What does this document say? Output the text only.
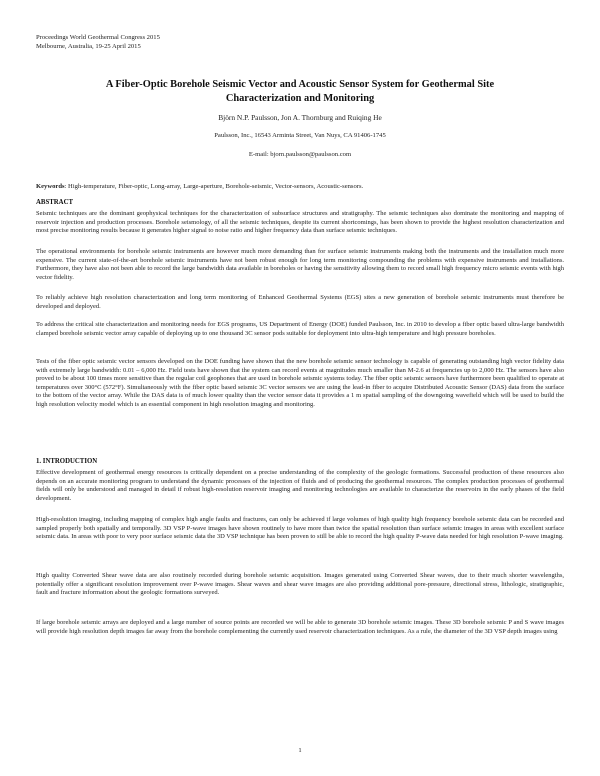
Proceedings World Geothermal Congress 2015
Melbourne, Australia, 19-25 April 2015
A Fiber-Optic Borehole Seismic Vector and Acoustic Sensor System for Geothermal Site
Characterization and Monitoring
Björn N.P. Paulsson, Jon A. Thornburg and Ruiqing He
Paulsson, Inc., 16543 Arminta Street, Van Nuys, CA 91406-1745
E-mail: bjorn.paulsson@paulsson.com
Keywords: High-temperature, Fiber-optic, Long-array, Large-aperture, Borehole-seismic, Vector-sensors, Acoustic-sensors.
ABSTRACT
Seismic techniques are the dominant geophysical techniques for the characterization of subsurface structures and stratigraphy. The seismic techniques also dominate the monitoring and mapping of reservoir injection and production processes. Borehole seismology, of all the seismic techniques, despite its current shortcomings, has been shown to provide the highest resolution characterization and most precise monitoring results because it generates higher signal to noise ratio and higher frequency data than surface seismic techniques.
The operational environments for borehole seismic instruments are however much more demanding than for surface seismic instruments making both the instruments and the installation much more expensive. The current state-of-the-art borehole seismic instruments have not been robust enough for long term monitoring compounding the problems with expensive instruments and installations. Furthermore, they have also not been able to record the large bandwidth data available in boreholes or having the sensitivity allowing them to record small high frequency micro seismic events with high vector fidelity.
To reliably achieve high resolution characterization and long term monitoring of Enhanced Geothermal Systems (EGS) sites a new generation of borehole seismic instruments must therefore be developed and deployed.
To address the critical site characterization and monitoring needs for EGS programs, US Department of Energy (DOE) funded Paulsson, Inc. in 2010 to develop a fiber optic based ultra-large bandwidth clamped borehole seismic vector array capable of deploying up to one thousand 3C sensor pods suitable for deployment into ultra-high temperature and high pressure boreholes.
Tests of the fiber optic seismic vector sensors developed on the DOE funding have shown that the new borehole seismic sensor technology is capable of generating outstanding high vector fidelity data with extremely large bandwidth: 0.01 – 6,000 Hz. Field tests have shown that the system can record events at magnitudes much smaller than M-2.6 at frequencies up to 2,000 Hz. The sensors have also proved to be about 100 times more sensitive than the regular coil geophones that are used in borehole seismic systems today. The fiber optic seismic sensors have furthermore been qualified to operate at temperatures over 300°C (572°F). Simultaneously with the fiber optic based seismic 3C vector sensors we are using the lead-in fiber to acquire Distributed Acoustic Sensor (DAS) data from the surface to the bottom of the vector array. While the DAS data is of much lower quality than the vector sensor data it provides a 1 m spatial sampling of the downgoing wavefield which will be used to build the high resolution velocity model which is an essential component in high resolution imaging and monitoring.
1. INTRODUCTION
Effective development of geothermal energy resources is critically dependent on a precise understanding of the complexity of the geologic formations. Successful production of these resources also depends on an accurate monitoring program to understand the dynamic processes of the injection of fluids and of producing the geothermal resources. The complex production processes of geothermal fields will only be understood and managed in detail if robust high-resolution reservoir imaging and monitoring technologies are available to characterize the reservoirs in the early phases of the field development.
High-resolution imaging, including mapping of complex high angle faults and fractures, can only be achieved if large volumes of high quality high frequency borehole seismic data can be recorded and sampled properly both spatially and temporally. 3D VSP P-wave images have shown routinely to have more than twice the spatial resolution than surface seismic images in areas with excellent surface seismic data. In areas with poor to very poor surface seismic data the 3D VSP technique has been proven to still be able to record the high quality P-wave data needed for high resolution P-wave imaging.
High quality Converted Shear wave data are also routinely recorded during borehole seismic acquisition. Images generated using Converted Shear waves, due to their much shorter wavelengths, potentially offer a significant resolution improvement over P-wave images. Shear waves and shear wave images are also providing additional pore-pressure, directional stress, lithologic, stratigraphic, fault and fracture information about the geologic formations surveyed.
If large borehole seismic arrays are deployed and a large number of source points are recorded we will be able to generate 3D borehole seismic images. These 3D borehole seismic P and S wave images will provide high resolution depth images far away from the borehole complementing the currently used reservoir characterization techniques. As a rule, the diameter of the 3D VSP depth images using
1
